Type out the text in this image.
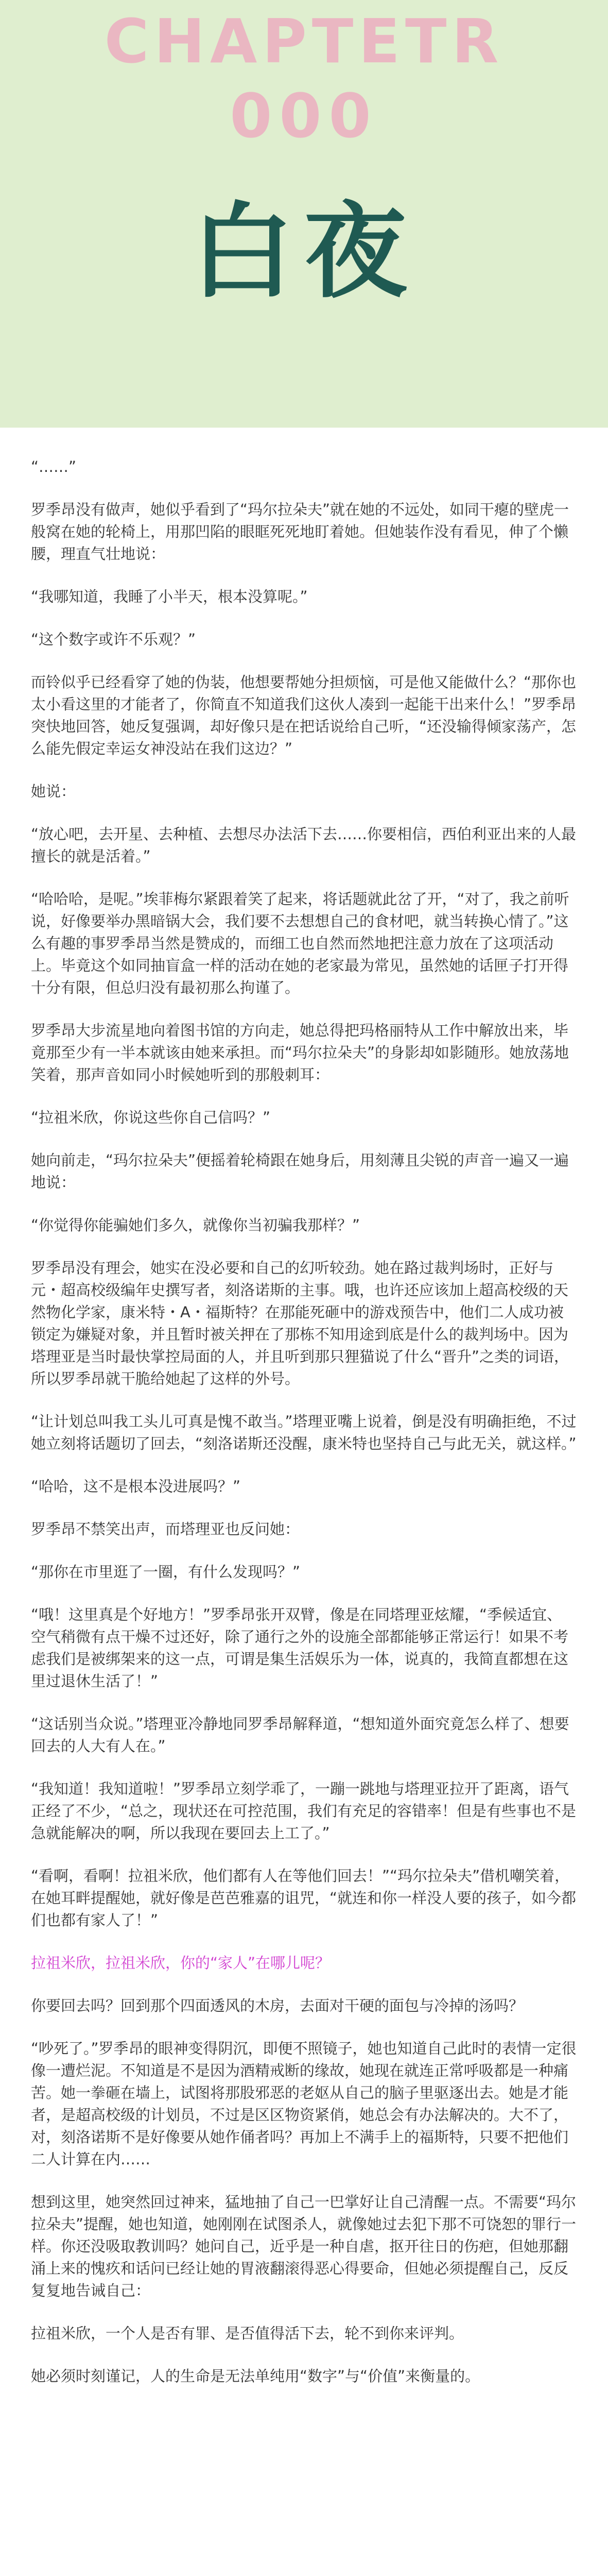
CHAPTETR
000
白夜

“……”

罗季昂没有做声，她似乎看到了“玛尔拉朵夫”就在她的不远处，如同干瘪的壁虎一般窝在她的轮椅上，用那凹陷的眼眶死死地盯着她。但她装作没有看见，伸了个懒腰，理直气壮地说：

“我哪知道，我睡了小半天，根本没算呢。”

“这个数字或许不乐观？”

而铃似乎已经看穿了她的伪装，他想要帮她分担烦恼，可是他又能做什么？“那你也太小看这里的才能者了，你简直不知道我们这伙人凑到一起能干出来什么！”罗季昂突快地回答，她反复强调，却好像只是在把话说给自己听，“还没输得倾家荡产，怎么能先假定幸运女神没站在我们这边？”

她说：

“放心吧，去开星、去种植、去想尽办法活下去……你要相信，西伯利亚出来的人最擅长的就是活着。”

“哈哈哈，是呢。”埃菲梅尔紧跟着笑了起来，将话题就此岔了开，“对了，我之前听说，好像要举办黑暗锅大会，我们要不去想想自己的食材吧，就当转换心情了。”这么有趣的事罗季昂当然是赞成的，而细工也自然而然地把注意力放在了这项活动上。毕竟这个如同抽盲盒一样的活动在她的老家最为常见，虽然她的话匣子打开得十分有限，但总归没有最初那么拘谨了。

罗季昂大步流星地向着图书馆的方向走，她总得把玛格丽特从工作中解放出来，毕竟那至少有一半本就该由她来承担。而“玛尔拉朵夫”的身影却如影随形。她放荡地笑着，那声音如同小时候她听到的那般刺耳：

“拉祖米欣，你说这些你自己信吗？”

她向前走，“玛尔拉朵夫”便摇着轮椅跟在她身后，用刻薄且尖锐的声音一遍又一遍地说：

“你觉得你能骗她们多久，就像你当初骗我那样？”

罗季昂没有理会，她实在没必要和自己的幻听较劲。她在路过裁判场时，正好与元・超高校级编年史撰写者，刻洛诺斯的主事。哦，也许还应该加上超高校级的天然物化学家，康米特・A・福斯特？在那能死砸中的游戏预告中，他们二人成功被锁定为嫌疑对象，并且暂时被关押在了那栋不知用途到底是什么的裁判场中。因为塔理亚是当时最快掌控局面的人，并且听到那只狸猫说了什么“晋升”之类的词语，所以罗季昂就干脆给她起了这样的外号。

“让计划总叫我工头儿可真是愧不敢当。”塔理亚嘴上说着，倒是没有明确拒绝，不过她立刻将话题切了回去，“刻洛诺斯还没醒，康米特也坚持自己与此无关，就这样。”

“哈哈，这不是根本没进展吗？”

罗季昂不禁笑出声，而塔理亚也反问她：

“那你在市里逛了一圈，有什么发现吗？”

“哦！这里真是个好地方！”罗季昂张开双臂，像是在同塔理亚炫耀，“季候适宜、空气稍微有点干燥不过还好，除了通行之外的设施全部都能够正常运行！如果不考虑我们是被绑架来的这一点，可谓是集生活娱乐为一体，说真的，我简直都想在这里过退休生活了！”

“这话别当众说。”塔理亚冷静地同罗季昂解释道，“想知道外面究竟怎么样了、想要回去的人大有人在。”

“我知道！我知道啦！”罗季昂立刻学乖了，一蹦一跳地与塔理亚拉开了距离，语气正经了不少，“总之，现状还在可控范围，我们有充足的容错率！但是有些事也不是急就能解决的啊，所以我现在要回去上工了。”

“看啊，看啊！拉祖米欣，他们都有人在等他们回去！”“玛尔拉朵夫”借机嘲笑着，在她耳畔提醒她，就好像是芭芭雅嘉的诅咒，“就连和你一样没人要的孩子，如今都们也都有家人了！”

拉祖米欣，拉祖米欣，你的“家人”在哪儿呢？

你要回去吗？回到那个四面透风的木房，去面对干硬的面包与冷掉的汤吗？

“吵死了。”罗季昂的眼神变得阴沉，即便不照镜子，她也知道自己此时的表情一定很像一遭烂泥。不知道是不是因为酒精戒断的缘故，她现在就连正常呼吸都是一种痛苦。她一拳砸在墙上，试图将那股邪恶的老妪从自己的脑子里驱逐出去。她是才能者，是超高校级的计划员，不过是区区物资紧俏，她总会有办法解决的。大不了，对，刻洛诺斯不是好像要从她作俑者吗？再加上不满手上的福斯特，只要不把他们二人计算在内……

想到这里，她突然回过神来，猛地抽了自己一巴掌好让自己清醒一点。不需要“玛尔拉朵夫”提醒，她也知道，她刚刚在试图杀人，就像她过去犯下那不可饶恕的罪行一样。你还没吸取教训吗？她问自己，近乎是一种自虐，抠开往日的伤疤，但她那翻涌上来的愧疚和话问已经让她的胃液翻滚得恶心得要命，但她必须提醒自己，反反复复地告诫自己：

拉祖米欣，一个人是否有罪、是否值得活下去，轮不到你来评判。

她必须时刻谨记，人的生命是无法单纯用“数字”与“价值”来衡量的。
